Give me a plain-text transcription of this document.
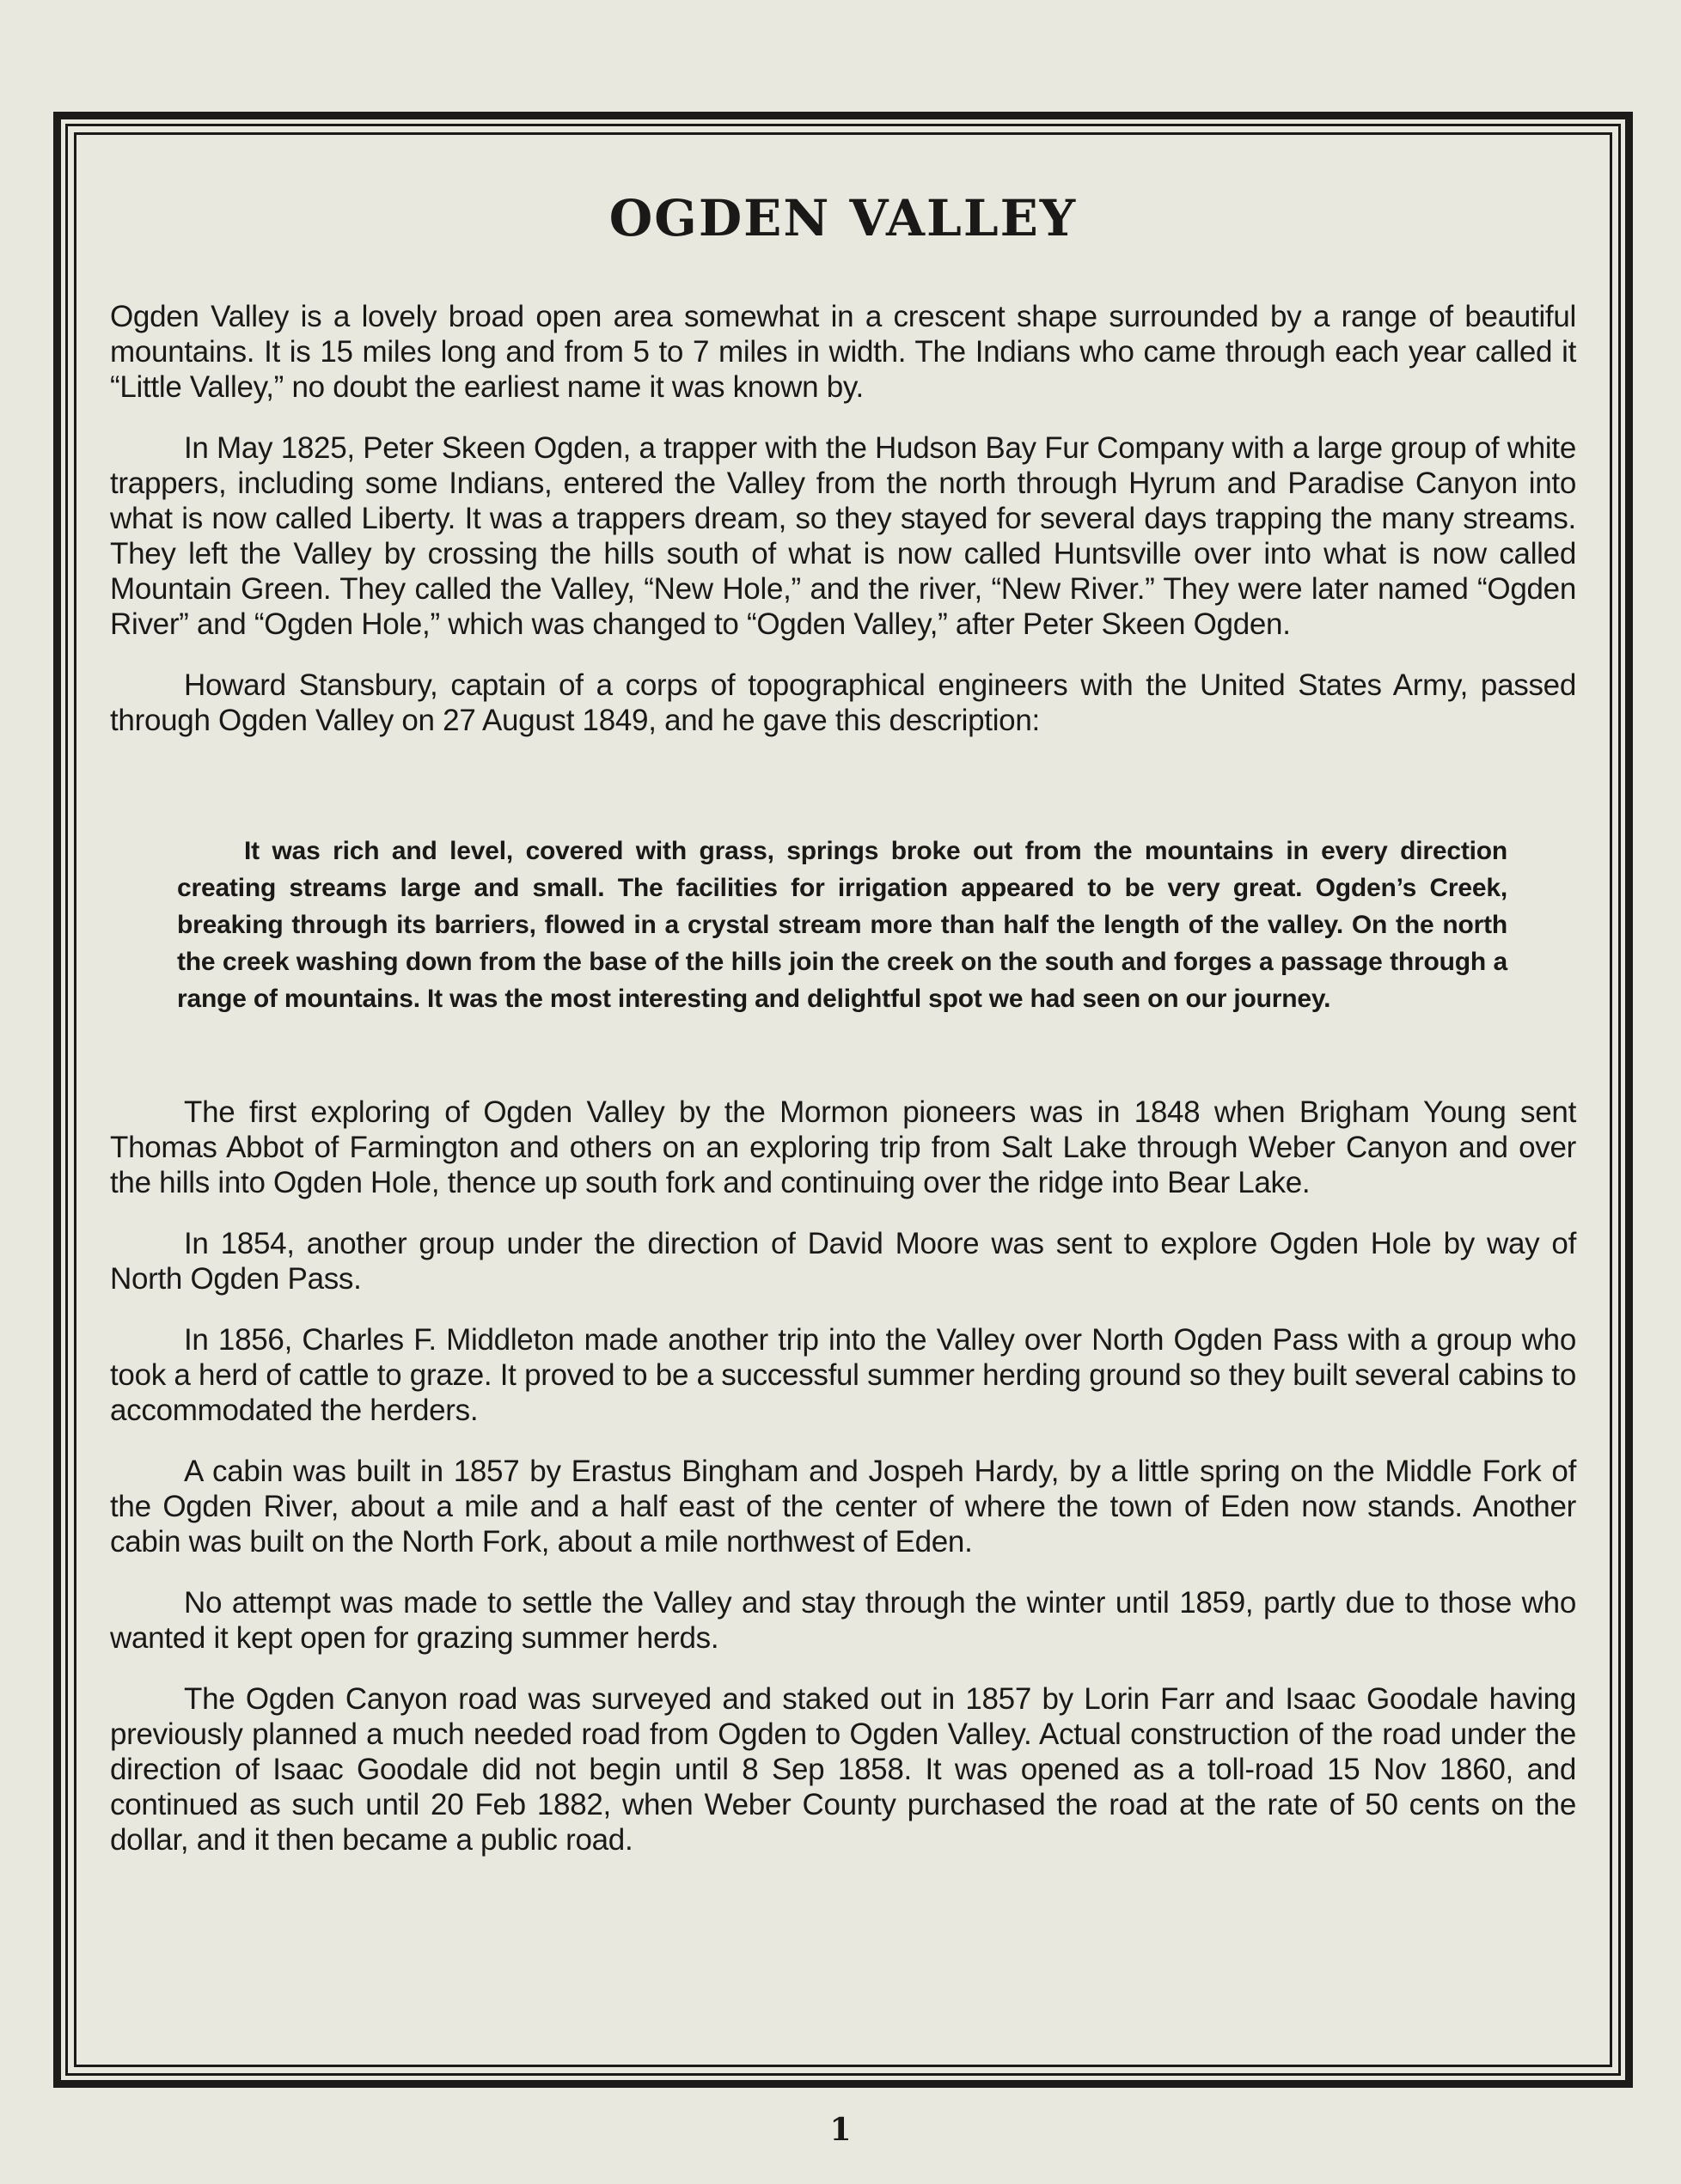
OGDEN VALLEY

Ogden Valley is a lovely broad open area somewhat in a crescent shape surrounded by a range of beautiful mountains. It is 15 miles long and from 5 to 7 miles in width. The Indians who came through each year called it “Little Valley,” no doubt the earliest name it was known by.

In May 1825, Peter Skeen Ogden, a trapper with the Hudson Bay Fur Company with a large group of white trappers, including some Indians, entered the Valley from the north through Hyrum and Paradise Canyon into what is now called Liberty. It was a trappers dream, so they stayed for several days trapping the many streams. They left the Valley by crossing the hills south of what is now called Huntsville over into what is now called Mountain Green. They called the Valley, “New Hole,” and the river, “New River.” They were later named “Ogden River” and “Ogden Hole,” which was changed to “Ogden Valley,” after Peter Skeen Ogden.

Howard Stansbury, captain of a corps of topographical engineers with the United States Army, passed through Ogden Valley on 27 August 1849, and he gave this description:

It was rich and level, covered with grass, springs broke out from the mountains in every direction creating streams large and small. The facilities for irrigation appeared to be very great. Ogden’s Creek, breaking through its barriers, flowed in a crystal stream more than half the length of the valley. On the north the creek washing down from the base of the hills join the creek on the south and forges a passage through a range of mountains. It was the most interesting and delightful spot we had seen on our journey.

The first exploring of Ogden Valley by the Mormon pioneers was in 1848 when Brigham Young sent Thomas Abbot of Farmington and others on an exploring trip from Salt Lake through Weber Canyon and over the hills into Ogden Hole, thence up south fork and continuing over the ridge into Bear Lake.

In 1854, another group under the direction of David Moore was sent to explore Ogden Hole by way of North Ogden Pass.

In 1856, Charles F. Middleton made another trip into the Valley over North Ogden Pass with a group who took a herd of cattle to graze. It proved to be a successful summer herding ground so they built several cabins to accommodated the herders.

A cabin was built in 1857 by Erastus Bingham and Jospeh Hardy, by a little spring on the Middle Fork of the Ogden River, about a mile and a half east of the center of where the town of Eden now stands. Another cabin was built on the North Fork, about a mile northwest of Eden.

No attempt was made to settle the Valley and stay through the winter until 1859, partly due to those who wanted it kept open for grazing summer herds.

The Ogden Canyon road was surveyed and staked out in 1857 by Lorin Farr and Isaac Goodale having previously planned a much needed road from Ogden to Ogden Valley. Actual construction of the road under the direction of Isaac Goodale did not begin until 8 Sep 1858. It was opened as a toll-road 15 Nov 1860, and continued as such until 20 Feb 1882, when Weber County purchased the road at the rate of 50 cents on the dollar, and it then became a public road.

1
